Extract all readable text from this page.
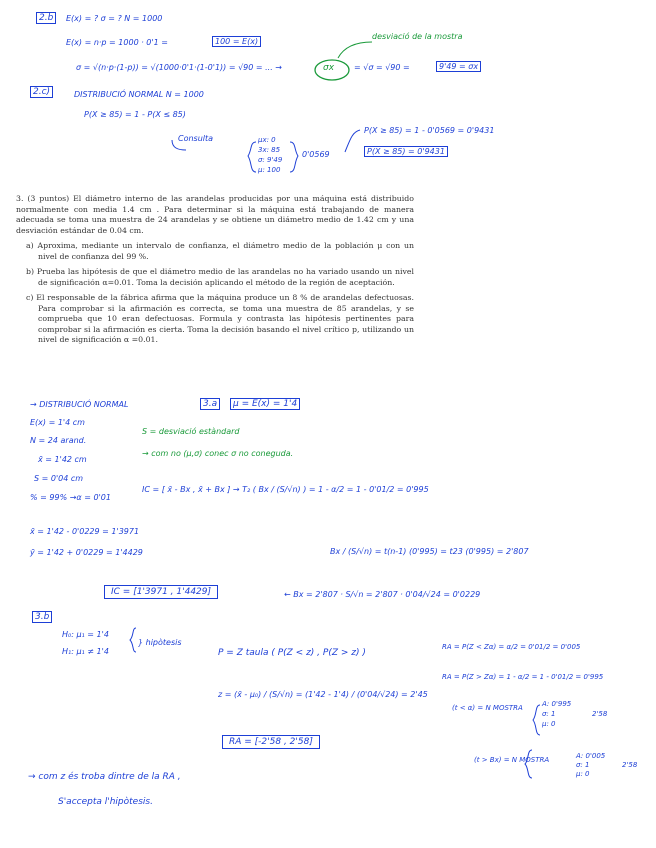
2.b	E(x) = ? σ = ? N = 1000
E(x) = n·p = 1000 · 0'1 =	100 = E(x)
σ = √(n·p·(1-p)) = √(1000·0'1·(1-0'1)) = √90 = ... →	σx = √σ = √90 =	9'49 = σx
desviació de la mostra
2.c)	DISTRIBUCIÓ NORMAL N = 1000
P(X ≥ 85) = 1 - P(X ≤ 85)
Consulta	μx: 0
3x: 85
σ: 9'49
μ: 100
0'0569
P(X ≥ 85) = 1 - 0'0569 = 0'9431
P(X ≥ 85) = 0'9431

3. (3 puntos) El diámetro interno de las arandelas producidas por una máquina está distribuido normalmente con media 1.4 cm . Para determinar si la máquina está trabajando de manera adecuada se toma una muestra de 24 arandelas y se obtiene un diámetro medio de 1.42 cm y una desviación estándar de 0.04 cm.

a) Aproxima, mediante un intervalo de confianza, el diámetro medio de la población μ con un nivel de confianza del 99 %.

b) Prueba las hipótesis de que el diámetro medio de las arandelas no ha variado usando un nivel de significación α=0.01. Toma la decisión aplicando el método de la región de aceptación.

c) El responsable de la fábrica afirma que la máquina produce un 8 % de arandelas defectuosas. Para comprobar si la afirmación es correcta, se toma una muestra de 85 arandelas, y se comprueba que 10 eran defectuosas. Formula y contrasta las hipótesis pertinentes para comprobar si la afirmación es cierta. Toma la decisión basando el nivel crítico p, utilizando un nivel de significación α =0.01.

→ DISTRIBUCIÓ NORMAL	3.a	μ = E(x) = 1'4
E(x) = 1'4 cm
N = 24 arand.
x̄ = 1'42 cm
S = 0'04 cm
% = 99% →α = 0'01
S = desviació estàndard
→ com no (μ,σ) conec σ no coneguda.
IC = [ x̄ - Bx , x̄ + Bx ] → T₂ ( Bx / (S/√n) ) = 1 - α/2 = 1 - 0'01/2 = 0'995
x̄ = 1'42 - 0'0229 = 1'3971
ȳ = 1'42 + 0'0229 = 1'4429	Bx / (S/√n) = t(n-1) (0'995) = t23 (0'995) = 2'807
IC = [1'3971 , 1'4429]	← Bx = 2'807 · S/√n = 2'807 · 0'04/√24 = 0'0229
3.b
H₀: μ₁ = 1'4
H₁: μ₁ ≠ 1'4
} hipòtesis
P = Z taula ( P(Z < z) , P(Z > z) )
z = (x̄ - μ₀) / (S/√n) = (1'42 - 1'4) / (0'04/√24) = 2'45
RA = [-2'58 , 2'58]
RA = P(Z < Zα) = α/2 = 0'01/2 = 0'005
RA = P(Z > Zα) = 1 - α/2 = 1 - 0'01/2 = 0'995
(t < α) = N MOSTRA	A: 0'995
σ: 1
μ: 0
2'58
(t > Bx) = N MOSTRA	A: 0'005
σ: 1
μ: 0
2'58
→ com z és troba dintre de la RA ,
S'accepta l'hipòtesis.
